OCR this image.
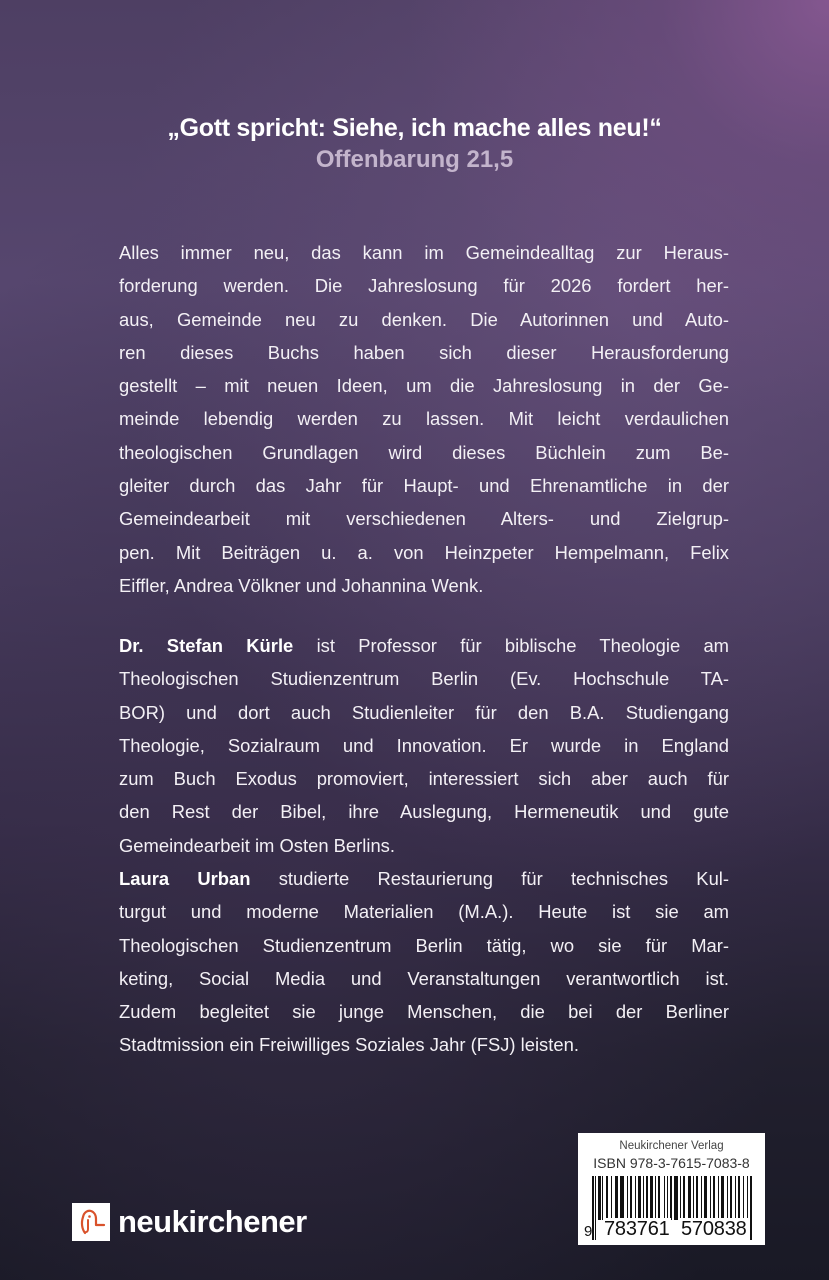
„Gott spricht: Siehe, ich mache alles neu!“
Offenbarung 21,5
Alles immer neu, das kann im Gemeindealltag zur Heraus-
forderung werden. Die Jahreslosung für 2026 fordert her-
aus, Gemeinde neu zu denken. Die Autorinnen und Auto-
ren dieses Buchs haben sich dieser Herausforderung
gestellt – mit neuen Ideen, um die Jahreslosung in der Ge-
meinde lebendig werden zu lassen. Mit leicht verdaulichen
theologischen Grundlagen wird dieses Büchlein zum Be-
gleiter durch das Jahr für Haupt- und Ehrenamtliche in der
Gemeindearbeit mit verschiedenen Alters- und Zielgrup-
pen. Mit Beiträgen u. a. von Heinzpeter Hempelmann, Felix
Eiffler, Andrea Völkner und Johannina Wenk.
Dr. Stefan Kürle ist Professor für biblische Theologie am
Theologischen Studienzentrum Berlin (Ev. Hochschule TA-
BOR) und dort auch Studienleiter für den B.A. Studiengang
Theologie, Sozialraum und Innovation. Er wurde in England
zum Buch Exodus promoviert, interessiert sich aber auch für
den Rest der Bibel, ihre Auslegung, Hermeneutik und gute
Gemeindearbeit im Osten Berlins.
Laura Urban studierte Restaurierung für technisches Kul-
turgut und moderne Materialien (M.A.). Heute ist sie am
Theologischen Studienzentrum Berlin tätig, wo sie für Mar-
keting, Social Media und Veranstaltungen verantwortlich ist.
Zudem begleitet sie junge Menschen, die bei der Berliner
Stadtmission ein Freiwilliges Soziales Jahr (FSJ) leisten.
neukirchener
Neukirchener Verlag
ISBN 978-3-7615-7083-8
9 783761 570838
